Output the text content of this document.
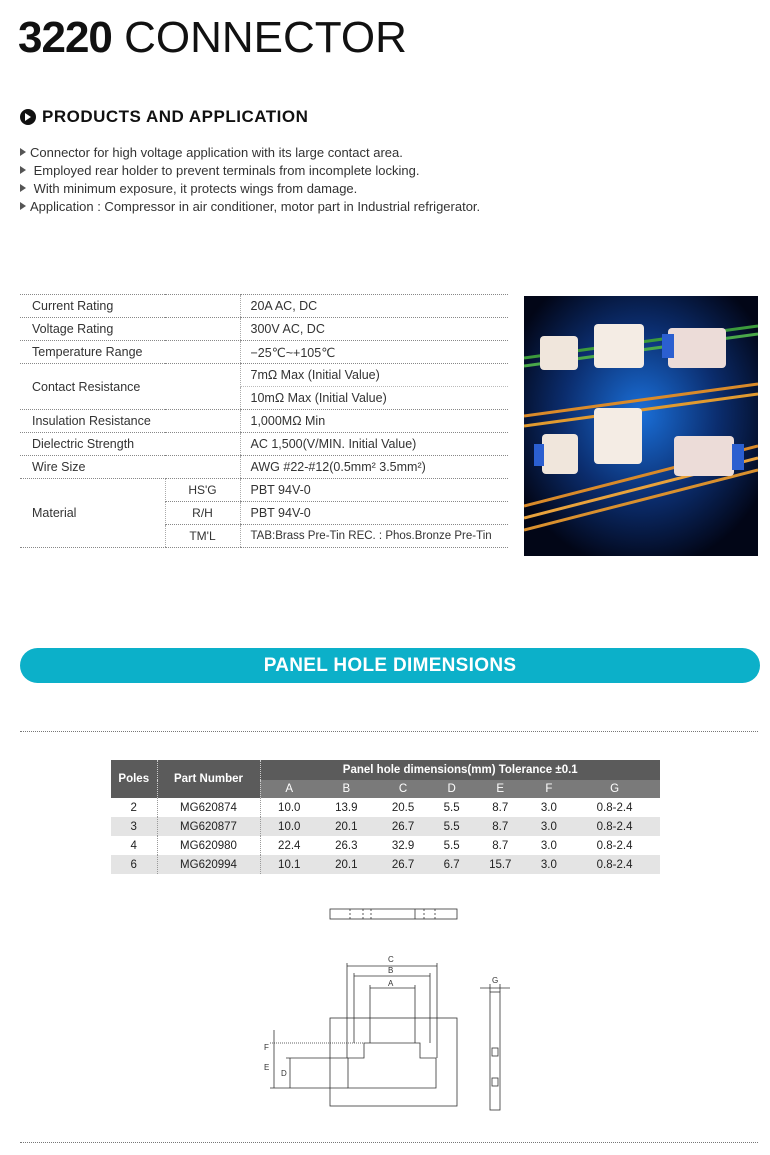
3220 CONNECTOR
PRODUCTS AND APPLICATION
Connector for high voltage application with its large contact area.
Employed rear holder to prevent terminals from incomplete locking.
With minimum exposure, it protects wings from damage.
Application : Compressor in air conditioner, motor part in Industrial refrigerator.
Current Rating		20A AC, DC
Voltage Rating		300V AC, DC
Temperature Range		−25℃~+105℃
Contact Resistance		7mΩ Max (Initial Value)
		10mΩ Max (Initial Value)
Insulation Resistance		1,000MΩ Min
Dielectric Strength		AC 1,500(V/MIN. Initial Value)
Wire Size		AWG #22-#12(0.5mm² 3.5mm²)
Material	HS'G	PBT 94V-0
	R/H	PBT 94V-0
	TM'L	TAB:Brass Pre-Tin REC. : Phos.Bronze Pre-Tin
PANEL HOLE DIMENSIONS
Poles	Part Number	Panel hole dimensions(mm) Tolerance ±0.1						
		A	B	C	D	E	F	G
2	MG620874	10.0	13.9	20.5	5.5	8.7	3.0	0.8-2.4
3	MG620877	10.0	20.1	26.7	5.5	8.7	3.0	0.8-2.4
4	MG620980	22.4	26.3	32.9	5.5	8.7	3.0	0.8-2.4
6	MG620994	10.1	20.1	26.7	6.7	15.7	3.0	0.8-2.4
C
B
A
E
D
F
G
